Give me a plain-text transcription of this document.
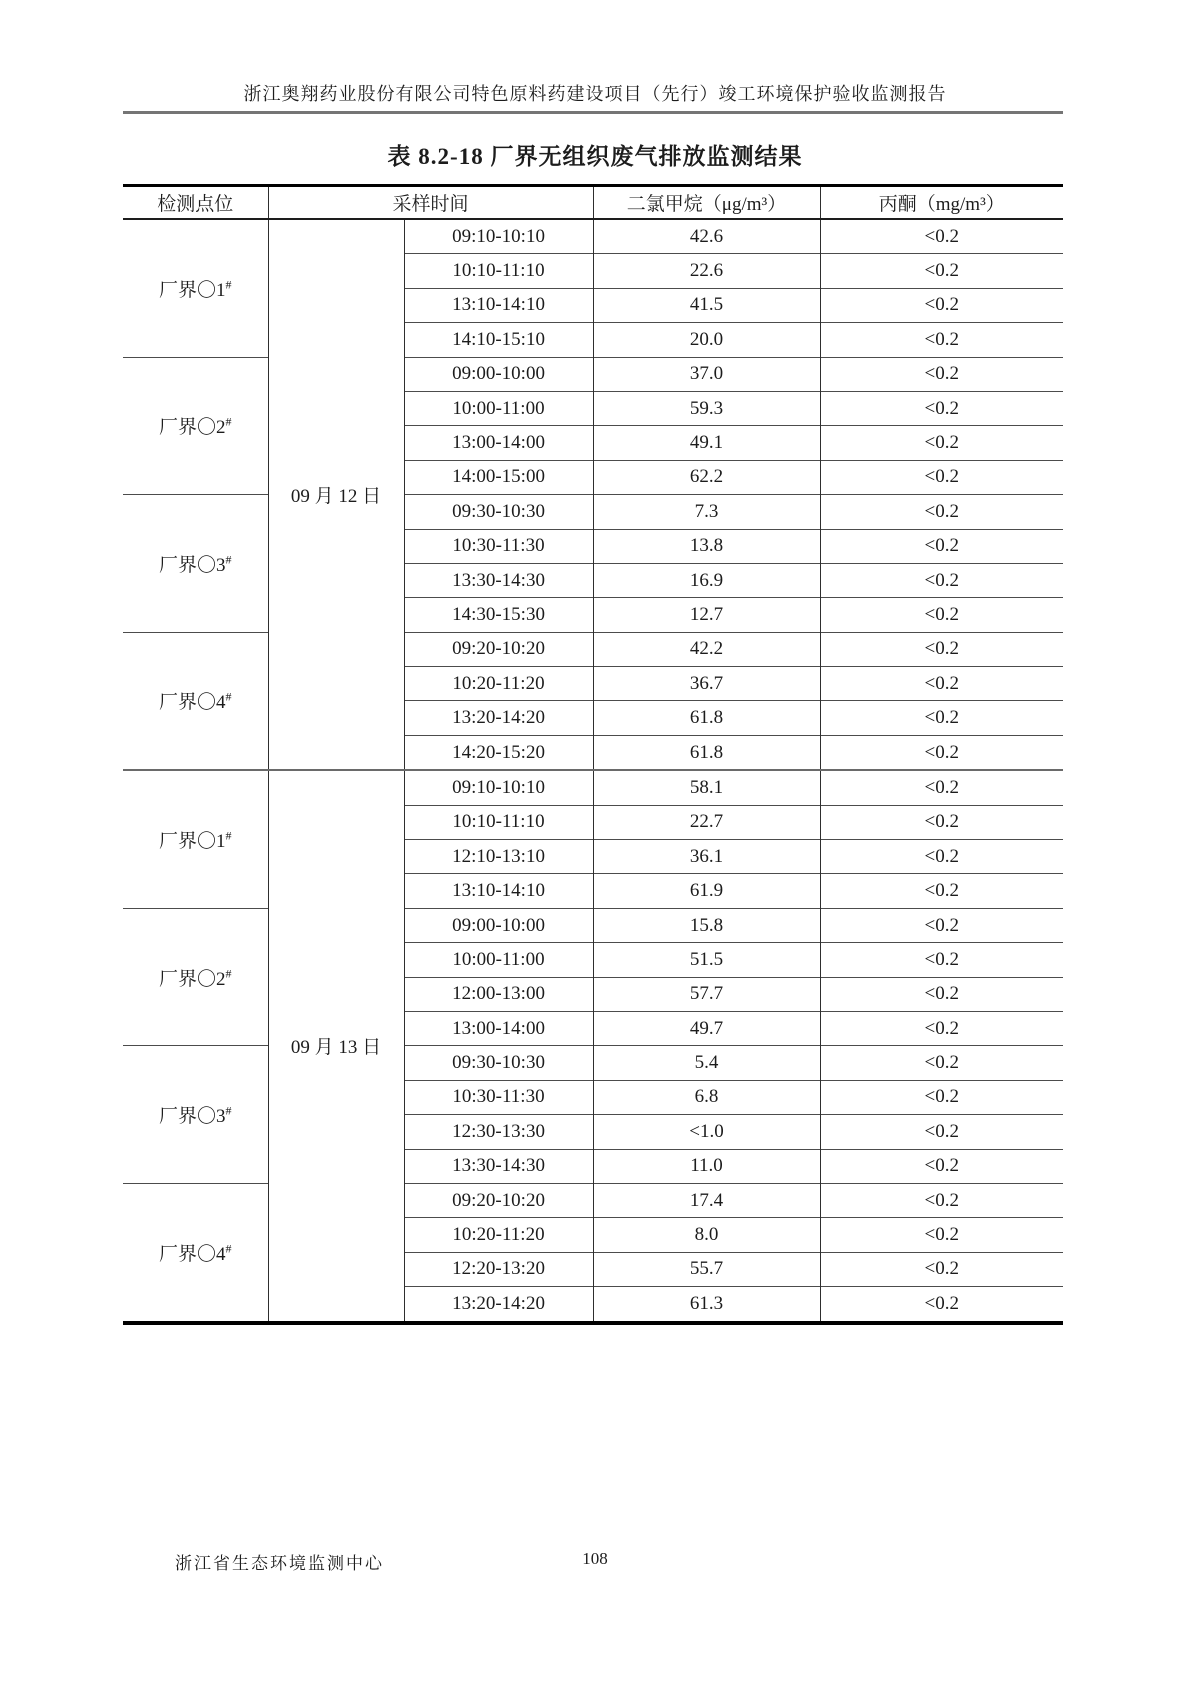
浙江奥翔药业股份有限公司特色原料药建设项目（先行）竣工环境保护验收监测报告
表 8.2-18 厂界无组织废气排放监测结果
检测点位	采样时间		二氯甲烷（μg/m³）	丙酮（mg/m³）
厂界〇1#	09 月 12 日	09:10-10:10	42.6	<0.2
		10:10-11:10	22.6	<0.2
		13:10-14:10	41.5	<0.2
		14:10-15:10	20.0	<0.2
厂界〇2#		09:00-10:00	37.0	<0.2
		10:00-11:00	59.3	<0.2
		13:00-14:00	49.1	<0.2
		14:00-15:00	62.2	<0.2
厂界〇3#		09:30-10:30	7.3	<0.2
		10:30-11:30	13.8	<0.2
		13:30-14:30	16.9	<0.2
		14:30-15:30	12.7	<0.2
厂界〇4#		09:20-10:20	42.2	<0.2
		10:20-11:20	36.7	<0.2
		13:20-14:20	61.8	<0.2
		14:20-15:20	61.8	<0.2
厂界〇1#	09 月 13 日	09:10-10:10	58.1	<0.2
		10:10-11:10	22.7	<0.2
		12:10-13:10	36.1	<0.2
		13:10-14:10	61.9	<0.2
厂界〇2#		09:00-10:00	15.8	<0.2
		10:00-11:00	51.5	<0.2
		12:00-13:00	57.7	<0.2
		13:00-14:00	49.7	<0.2
厂界〇3#		09:30-10:30	5.4	<0.2
		10:30-11:30	6.8	<0.2
		12:30-13:30	<1.0	<0.2
		13:30-14:30	11.0	<0.2
厂界〇4#		09:20-10:20	17.4	<0.2
		10:20-11:20	8.0	<0.2
		12:20-13:20	55.7	<0.2
		13:20-14:20	61.3	<0.2
浙江省生态环境监测中心	108
